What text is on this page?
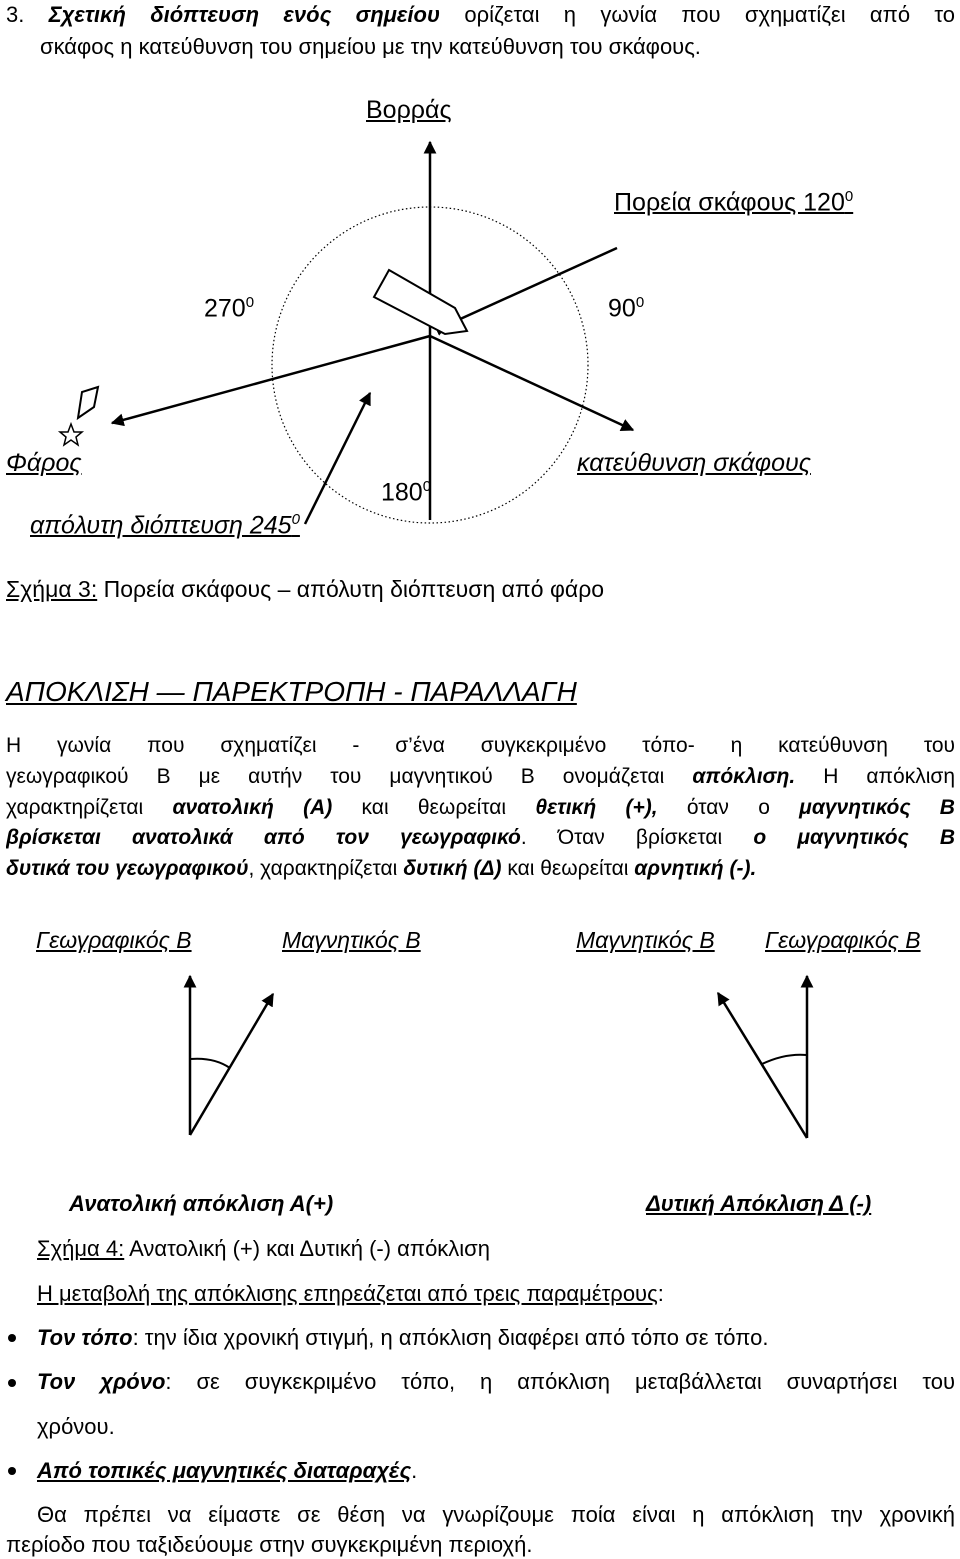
3. Σχετική διόπτευση ενός σημείου ορίζεται η γωνία που σχηματίζει από το
σκάφος η κατεύθυνση του σημείου με την κατεύθυνση του σκάφους.
Βορράς
Πορεία σκάφους $120^0$
$270^0$	$90^0$
Φάρος	κατεύθυνση σκάφους
$180^0$
απόλυτη διόπτευση $245^0$
Σχήμα 3: Πορεία σκάφους – απόλυτη διόπτευση από φάρο
ΑΠΟΚΛΙΣΗ — ΠΑΡΕΚΤΡΟΠΗ - ΠΑΡΑΛΛΑΓΗ
Η γωνία που σχηματίζει - σ’ένα συγκεκριμένο τόπο- η κατεύθυνση του
γεωγραφικού Β με αυτήν του μαγνητικού Β ονομάζεται απόκλιση. Η απόκλιση
χαρακτηρίζεται ανατολική (Α) και θεωρείται θετική (+), όταν ο μαγνητικός Β
βρίσκεται ανατολικά από τον γεωγραφικό. Όταν βρίσκεται ο μαγνητικός Β
δυτικά του γεωγραφικού, χαρακτηρίζεται δυτική (Δ) και θεωρείται αρνητική (-).
Γεωγραφικός Β	Μαγνητικός Β	Μαγνητικός Β Γεωγραφικός Β
Ανατολική απόκλιση Α(+)	Δυτική Απόκλιση Δ (-)
Σχήμα 4: Ανατολική (+) και Δυτική (-) απόκλιση
Η μεταβολή της απόκλισης επηρεάζεται από τρεις παραμέτρους:
Τον τόπο: την ίδια χρονική στιγμή, η απόκλιση διαφέρει από τόπο σε τόπο.
Τον χρόνο: σε συγκεκριμένο τόπο, η απόκλιση μεταβάλλεται συναρτήσει του
χρόνου.
Από τοπικές μαγνητικές διαταραχές.
Θα πρέπει να είμαστε σε θέση να γνωρίζουμε ποία είναι η απόκλιση την χρονική
περίοδο που ταξιδεύουμε στην συγκεκριμένη περιοχή.
